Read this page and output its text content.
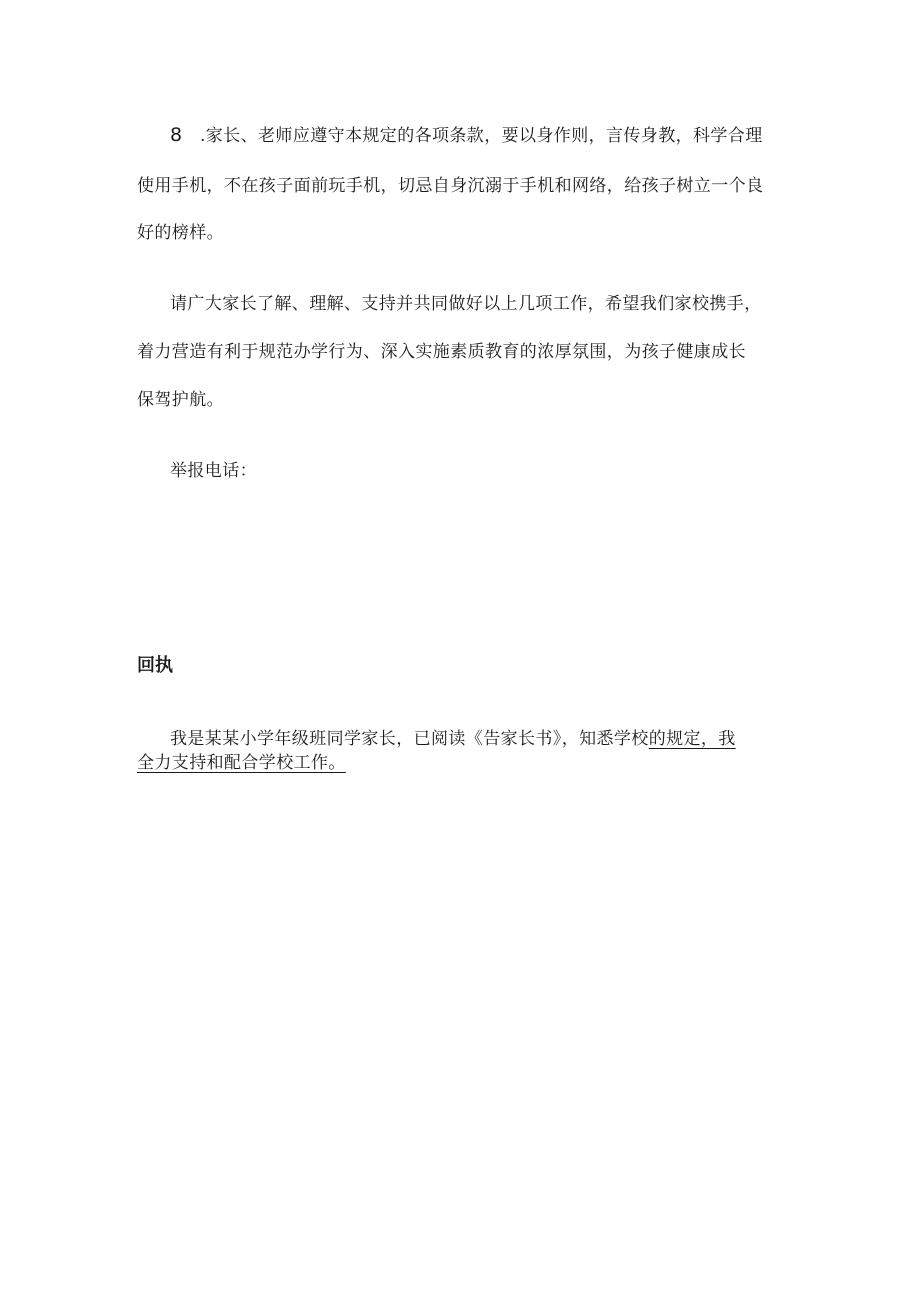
8 .家长、老师应遵守本规定的各项条款，要以身作则，言传身教，科学合理
使用手机，不在孩子面前玩手机，切忌自身沉溺于手机和网络，给孩子树立一个良
好的榜样。
请广大家长了解、理解、支持并共同做好以上几项工作，希望我们家校携手，
着力营造有利于规范办学行为、深入实施素质教育的浓厚氛围，为孩子健康成长
保驾护航。
举报电话：
回执
我是某某小学年级班同学家长，已阅读《告家长书》，知悉学校的规定，我
全力支持和配合学校工作。
